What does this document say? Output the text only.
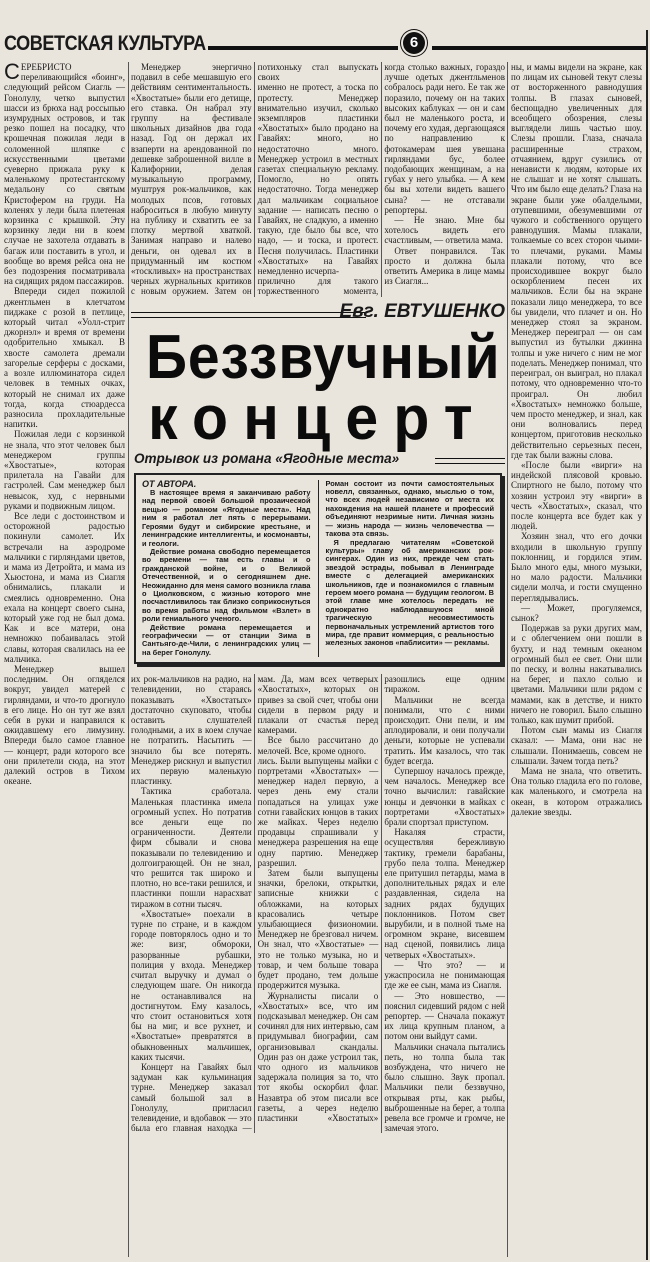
СОВЕТСКАЯ КУЛЬТУРА	6

СЕРЕБРИСТО переливающийся «боинг», следующий рейсом Сиагль — Гонолулу, четко выпустил шасси из брюха над россыпью изумрудных островов, и так резко пошел на посадку, что крошечная пожилая леди в соломенной шляпке с искусственными цветами суеверно прижала руку к маленькому протестантскому медальону со святым Кристофером на груди. На коленях у леди была плетеная корзинка с крышкой. Эту корзинку леди ни в коем случае не захотела отдавать в багаж или поставить в угол, и вообще во время рейса она не без подозрения посматривала на сидящих рядом пассажиров.

Впереди сидел пожилой джентльмен в клетчатом пиджаке с розой в петлице, который читал «Уолл-стрит джорнэл» и время от времени одобрительно хмыкал. В хвосте самолета дремали загорелые серферы с досками, а возле иллюминатора сидел человек в темных очках, который не снимал их даже тогда, когда стюардесса разносила прохладительные напитки.

Пожилая леди с корзинкой не знала, что этот человек был менеджером группы «Хвостатые», которая прилетала на Гавайи для гастролей. Сам менеджер был невысок, худ, с нервными руками и подвижным лицом.

Все леди с достоинством и осторожной радостью покинули самолет. Их встречали на аэродроме мальчики с гирляндами цветов, и мама из Детройта, и мама из Хьюстона, и мама из Сиагля обнимались, плакали и смеялись одновременно. Она ехала на концерт своего сына, который уже год не был дома. Как и все матери, она немножко побаивалась этой славы, которая свалилась на ее мальчика.

Менеджер вышел последним. Он огляделся вокруг, увидел матерей с гирляндами, и что-то дрогнуло в его лице. Но он тут же взял себя в руки и направился к ожидавшему его лимузину. Впереди было самое главное — концерт, ради которого все они прилетели сюда, на этот далекий остров в Тихом океане.

Менеджер энергично подавил в себе мешавшую его действиям сентиментальность. «Хвостатые» были его детище, его ставка. Он набрал эту группу на фестивале школьных дизайнов два года назад. Год он держал их взаперти на арендованной по дешевке заброшенной вилле в Калифорнии, делая музыкальную программу, муштруя рок-мальчиков, как молодых псов, готовых наброситься в любую минуту на публику и схватить ее за глотку мертвой хваткой. Занимая направо и налево деньги, он одевал их в придуманный им костюм «тоскливых» на пространствах черных журнальных критиков с новым оружием. Затем он потихоньку стал выпускать своих

именно не протест, а тоска по протесту. Менеджер внимательно изучил, сколько экземпляров пластинки «Хвостатых» было продано на Гавайях: много, но недостаточно много. Менеджер устроил в местных газетах специальную рекламу. Помогло, но опять недостаточно. Тогда менеджер дал мальчикам социальное задание — написать песню о Гавайях, не сладкую, а именно такую, где было бы все, что надо, — и тоска, и протест. Песня получилась. Пластинки «Хвостатых» на Гавайях немедленно исчерпа-

прилично для такого торжественного момента, когда столько важных, гораздо лучше одетых джентльменов собралось ради него. Ее так же поразило, почему он на таких высоких каблуках — он и сам был не маленького роста, и почему его худая, дергающаяся по направлению к фотокамерам шея увешана гирляндами бус, более подобающих женщинам, а на губах у него улыбка. — А кем бы вы хотели видеть вашего сына? — не отставали репортеры.

— Не знаю. Мне бы хотелось видеть его счастливым, — ответила мама.

Ответ понравился. Так просто и должна была ответить Америка в лице мамы из Сиагля...

Евг. ЕВТУШЕНКО
Беззвучный
концерт
Отрывок из романа «Ягодные места»
ОТ АВТОРА.

В настоящее время я заканчиваю работу над первой своей большой прозаической вещью — романом «Ягодные места». Над ним я работал лет пять с перерывами. Героями будут и сибирские крестьяне, и ленинградские интеллигенты, и космонавты, и геологи.

Действие романа свободно перемещается во времени — там есть главы и о гражданской войне, и о Великой Отечественной, и о сегодняшнем дне. Неожиданно для меня самого возникла глава о Циолковском, с жизнью которого мне посчастливилось так близко соприкоснуться во время работы над фильмом «Взлет» в роли гениального ученого.

Действие романа перемещается и географически — от станции Зима в Сантьяго-де-Чили, с ленинградских улиц — на берег Гонолулу.

Роман состоит из почти самостоятельных новелл, связанных, однако, мыслью о том, что всех людей независимо от места их нахождения на нашей планете и профессий объединяют незримые нити. Личная жизнь — жизнь народа — жизнь человечества — такова эта связь.

Я предлагаю читателям «Советской культуры» главу об американских рок-сингерах. Один из них, прежде чем стать звездой эстрады, побывал в Ленинграде вместе с делегацией американских школьников, где и познакомился с главным героем моего романа — будущим геологом. В этой главе мне хотелось передать не однократно наблюдавшуюся мной трагическую несовместимость первоначальных устремлений артистов того мира, где правит коммерция, с реальностью железных законов «паблисити» — рекламы.

их рок-мальчиков на радио, на телевидении, но стараясь показывать «Хвостатых» достаточно скуповато, чтобы оставить слушателей голодными, а их в коем случае не потратить. Насытить — значило бы все потерять. Менеджер рискнул и выпустил их первую маленькую пластинку.

Тактика сработала. Маленькая пластинка имела огромный успех. Но потратив все деньги еще по ограниченности. Деятели фирм сбывали и снова показывали по телевидению и долгоиграющей. Он не знал, что решится так широко и плотно, но все-таки решился, и пластинки пошли нарасхват тиражом в сотни тысяч.

«Хвостатые» поехали в турне по стране, и в каждом городе повторялось одно и то же: визг, обмороки, разорванные рубашки, полиция у входа. Менеджер считал выручку и думал о следующем шаге. Он никогда не останавливался на достигнутом. Ему казалось, что стоит остановиться хотя бы на миг, и все рухнет, и «Хвостатые» превратятся в обыкновенных мальчишек, каких тысячи.

Концерт на Гавайях был задуман как кульминация турне. Менеджер заказал самый большой зал в Гонолулу, пригласил телевидение, и вдобавок — это была его главная находка — мам. Да, мам всех четверых «Хвостатых», которых он привез за свой счет, чтобы они сидели в первом ряду и плакали от счастья перед камерами.

Все было рассчитано до мелочей. Все, кроме одного.

лись. Были выпущены майки с портретами «Хвостатых» — менеджер надел первую, а через день ему стали попадаться на улицах уже сотни гавайских юнцов в таких же майках. Через неделю продавцы спрашивали у менеджера разрешения на еще одну партию. Менеджер разрешил.

Затем были выпущены значки, брелоки, открытки, записные книжки с обложками, на которых красовались четыре улыбающиеся физиономии. Менеджер не брезговал ничем. Он знал, что «Хвостатые» — это не только музыка, но и товар, и чем больше товара будет продано, тем дольше продержится музыка.

Журналисты писали о «Хвостатых» все, что им подсказывал менеджер. Он сам сочинял для них интервью, сам придумывал биографии, сам организовывал скандалы. Один раз он даже устроил так, что одного из мальчиков задержала полиция за то, что тот якобы оскорбил флаг. Назавтра об этом писали все газеты, а через неделю пластинки «Хвостатых» разошлись еще одним тиражом.

Мальчики не всегда понимали, что с ними происходит. Они пели, и им аплодировали, и они получали деньги, которые не успевали тратить. Им казалось, что так будет всегда.

Супершоу началось прежде, чем началось. Менеджер все точно вычислил: гавайские юнцы и девчонки в майках с портретами «Хвостатых» брали спортзал приступом.

Накаляя страсти, осуществляя бережливую тактику, гремели барабаны, грубо пела толпа. Менеджер еле притушил петарды, мама в дополнительных рядах и еле раздавленная, сидела на задних рядах будущих поклонников. Потом свет вырубили, и в полной тьме на огромном экране, висевшем над сценой, появились лица четверых «Хвостатых».

— Что это? — и ужаспросила не понимающая где же ее сын, мама из Сиагля.

— Это новшество, — пояснил сидевший рядом с ней репортер. — Сначала покажут их лица крупным планом, а потом они выйдут сами.

Мальчики сначала пытались петь, но толпа была так возбуждена, что ничего не было слышно. Звук пропал. Мальчики пели беззвучно, открывая рты, как рыбы, выброшенные на берег, а толпа ревела все громче и громче, не замечая этого.

ны, и мамы видели на экране, как по лицам их сыновей текут слезы от восторженного равнодушия толпы. В глазах сыновей, беспощадно увеличенных для всеобщего обозрения, слезы выглядели лишь частью шоу. Слезы прошли. Глаза, сначала расширенные страхом, отчаянием, вдруг сузились от ненависти к людям, которые их не слышат и не хотят слышать. Что им было еще делать? Глаза на экране были уже обалделыми, отупевшими, обезумевшими от чужого и собственного орущего равнодушия. Мамы плакали, толкаемые со всех сторон чьими-то плечами, руками. Мамы плакали потому, что все происходившее вокруг было оскорблением песен их мальчиков. Если бы на экране показали лицо менеджера, то все бы увидели, что плачет и он. Но менеджер стоял за экраном. Менеджер переиграл — он сам выпустил из бутылки джинна толпы и уже ничего с ним не мог поделать. Менеджер понимал, что переиграл, он выиграл, но плакал потому, что одновременно что-то проиграл. Он любил «Хвостатых» немножко больше, чем просто менеджер, и знал, как они волновались перед концертом, приготовив несколько действительно серьезных песен, где так были важны слова.

«После были «вирги» на индейской плясовой кровью. Спиртного не было, потому что хозяин устроил эту «вирги» в честь «Хвостатых», сказал, что после концерта все будет как у людей.

Хозяин знал, что его дочки входили в школьную группу поклонниц, и гордился этим. Было много еды, много музыки, но мало радости. Мальчики сидели молча, и гости смущенно переглядывались.

— Может, прогуляемся, сынок?

Подержав за руки других мам, и с облегчением они пошли в бухту, и над темным океаном огромный был ее свет. Они шли по песку, и волны накатывались на берег, и пахло солью и цветами. Мальчики шли рядом с мамами, как в детстве, и никто ничего не говорил. Было слышно только, как шумит прибой.

Потом сын мамы из Сиагля сказал: — Мама, они нас не слышали. Понимаешь, совсем не слышали. Зачем тогда петь?

Мама не знала, что ответить. Она только гладила его по голове, как маленького, и смотрела на океан, в котором отражались далекие звезды.
